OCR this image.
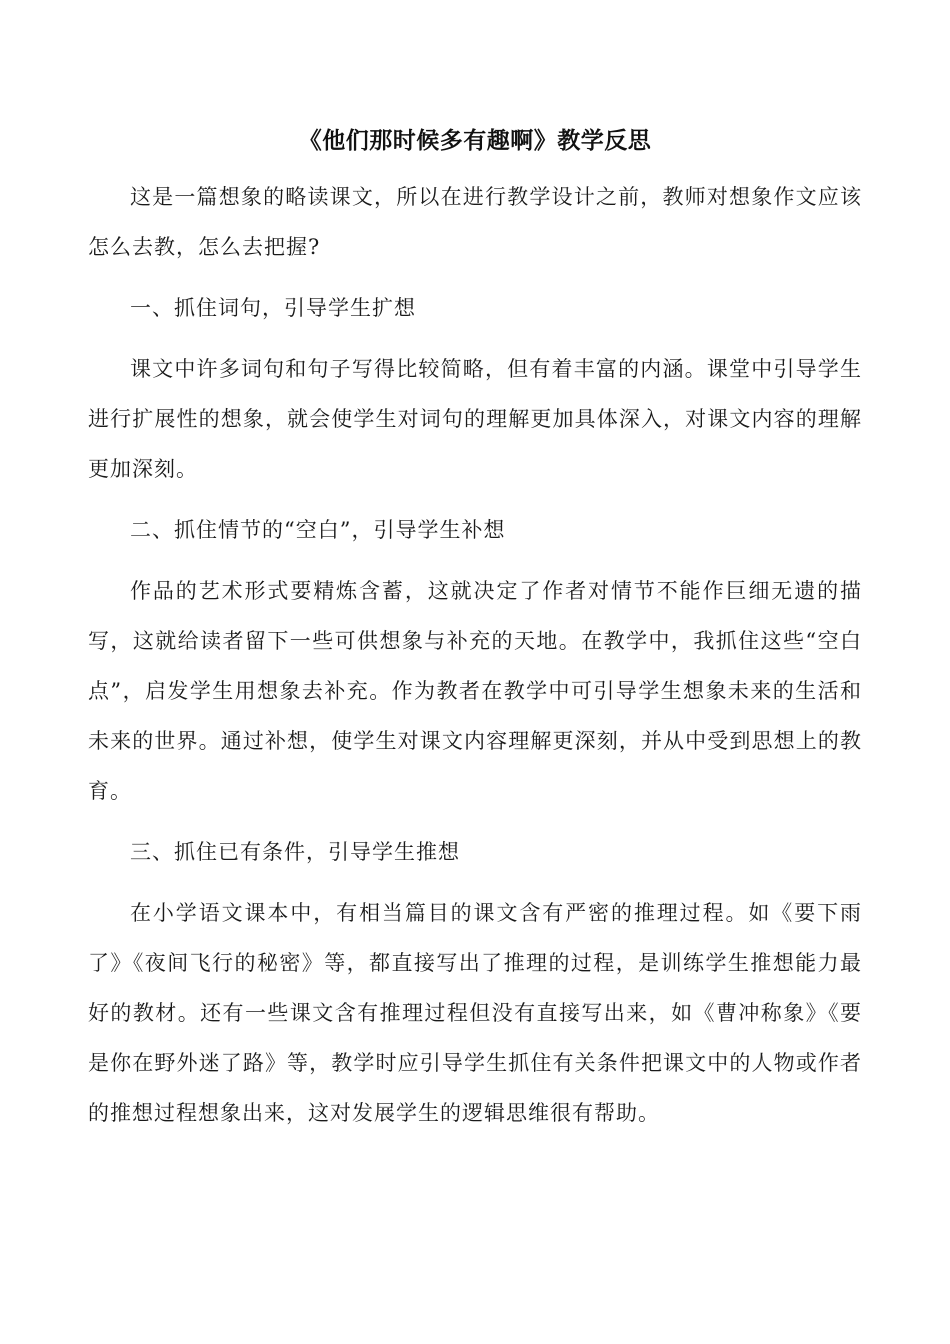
《他们那时候多有趣啊》教学反思

这是一篇想象的略读课文，所以在进行教学设计之前，教师对想象作文应该怎么去教，怎么去把握?

一、抓住词句，引导学生扩想

课文中许多词句和句子写得比较简略，但有着丰富的内涵。课堂中引导学生进行扩展性的想象，就会使学生对词句的理解更加具体深入，对课文内容的理解更加深刻。

二、抓住情节的“空白”，引导学生补想

作品的艺术形式要精炼含蓄，这就决定了作者对情节不能作巨细无遗的描写，这就给读者留下一些可供想象与补充的天地。在教学中，我抓住这些“空白点”，启发学生用想象去补充。作为教者在教学中可引导学生想象未来的生活和未来的世界。通过补想，使学生对课文内容理解更深刻，并从中受到思想上的教育。

三、抓住已有条件，引导学生推想

在小学语文课本中，有相当篇目的课文含有严密的推理过程。如《要下雨了》《夜间飞行的秘密》等，都直接写出了推理的过程，是训练学生推想能力最好的教材。还有一些课文含有推理过程但没有直接写出来，如《曹冲称象》《要是你在野外迷了路》等，教学时应引导学生抓住有关条件把课文中的人物或作者的推想过程想象出来，这对发展学生的逻辑思维很有帮助。
